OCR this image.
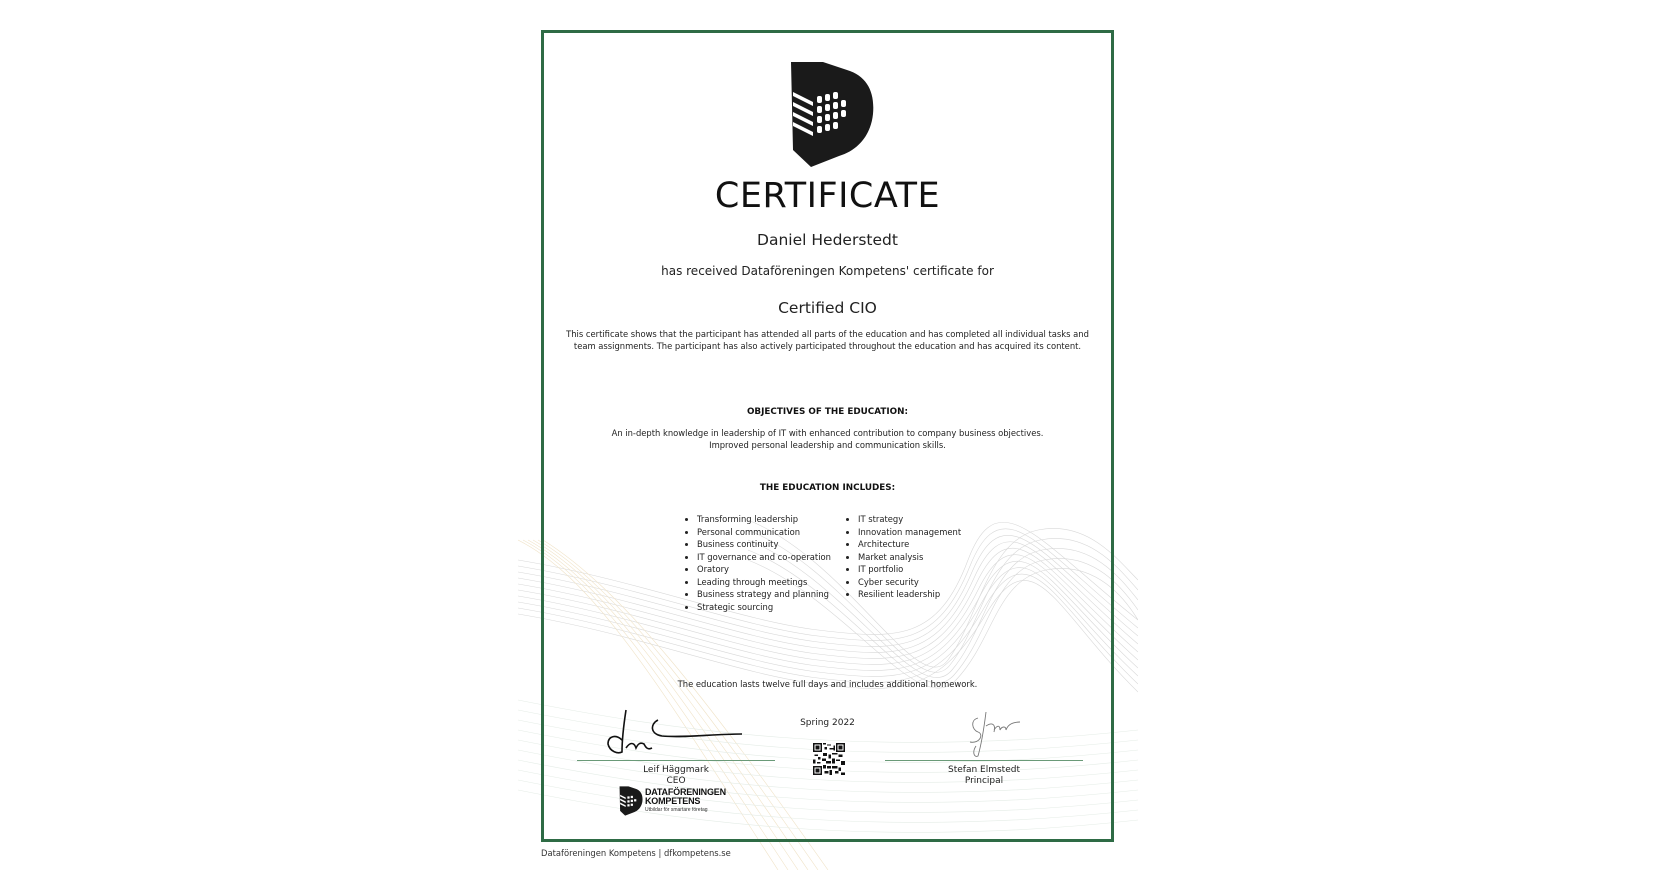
CERTIFICATE
Daniel Hederstedt
has received Dataföreningen Kompetens' certificate for
Certified CIO
This certificate shows that the participant has attended all parts of the education and has completed all individual tasks and team assignments. The participant has also actively participated throughout the education and has acquired its content.
OBJECTIVES OF THE EDUCATION:
An in-depth knowledge in leadership of IT with enhanced contribution to company business objectives. Improved personal leadership and communication skills.
THE EDUCATION INCLUDES:
Transforming leadership
Personal communication
Business continuity
IT governance and co-operation
Oratory
Leading through meetings
Business strategy and planning
Strategic sourcing
IT strategy
Innovation management
Architecture
Market analysis
IT portfolio
Cyber security
Resilient leadership
The education lasts twelve full days and includes additional homework.
Spring 2022
Leif Häggmark
CEO
Stefan Elmstedt
Principal
DATAFÖRENINGEN
KOMPETENS
Utbildar för smartare företag
Dataföreningen Kompetens | dfkompetens.se
